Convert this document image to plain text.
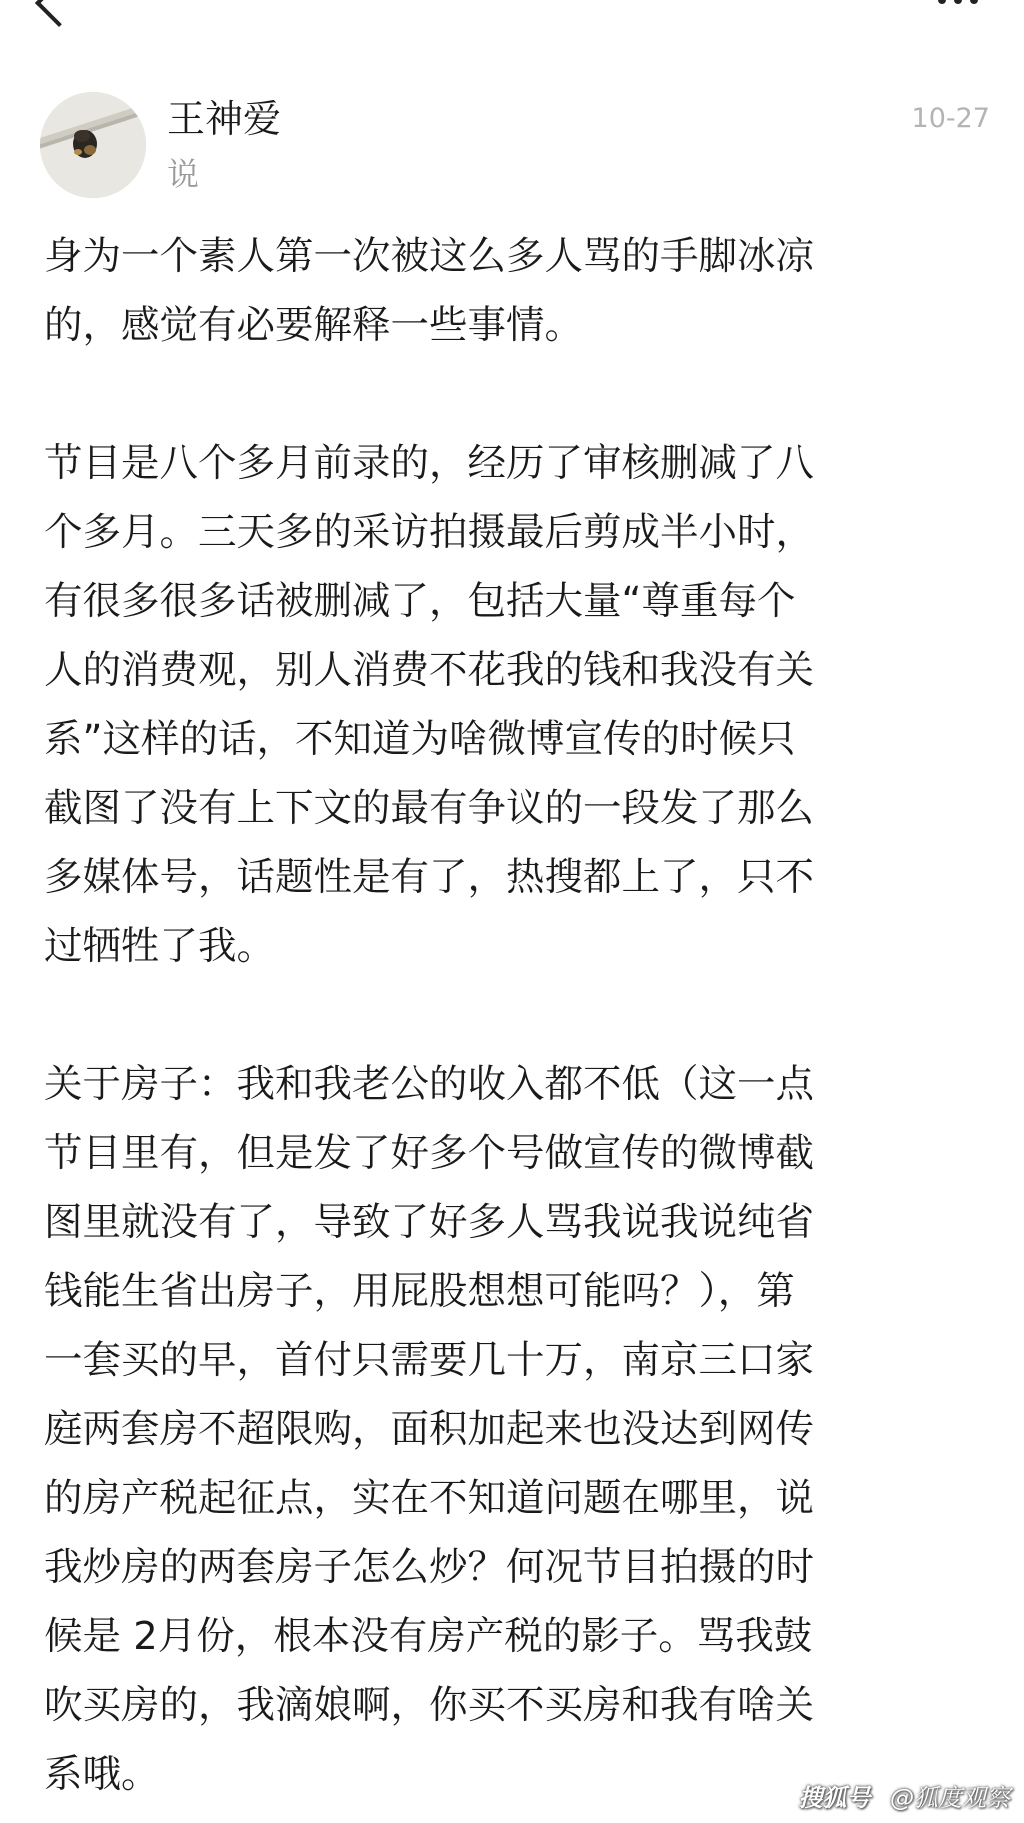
王神爱
说
10-27

身为一个素人第一次被这么多人骂的手脚冰凉
的，感觉有必要解释一些事情。

节目是八个多月前录的，经历了审核删减了八
个多月。三天多的采访拍摄最后剪成半小时，
有很多很多话被删减了，包括大量“尊重每个
人的消费观，别人消费不花我的钱和我没有关
系”这样的话，不知道为啥微博宣传的时候只
截图了没有上下文的最有争议的一段发了那么
多媒体号，话题性是有了，热搜都上了，只不
过牺牲了我。

关于房子：我和我老公的收入都不低（这一点
节目里有，但是发了好多个号做宣传的微博截
图里就没有了，导致了好多人骂我说我说纯省
钱能生省出房子，用屁股想想可能吗？），第
一套买的早，首付只需要几十万，南京三口家
庭两套房不超限购，面积加起来也没达到网传
的房产税起征点，实在不知道问题在哪里，说
我炒房的两套房子怎么炒？何况节目拍摄的时
候是 2月份，根本没有房产税的影子。骂我鼓
吹买房的，我滴娘啊，你买不买房和我有啥关
系哦。

搜狐号 @狐度观察
